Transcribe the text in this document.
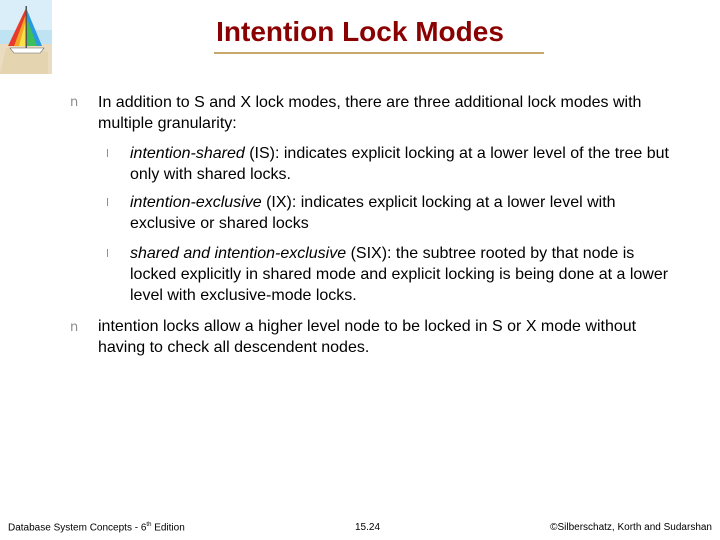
Intention Lock Modes
n In addition to S and X lock modes, there are three additional lock modes with multiple granularity:
l intention-shared (IS): indicates explicit locking at a lower level of the tree but only with shared locks.
l intention-exclusive (IX): indicates explicit locking at a lower level with exclusive or shared locks
l shared and intention-exclusive (SIX): the subtree rooted by that node is locked explicitly in shared mode and explicit locking is being done at a lower level with exclusive-mode locks.
n intention locks allow a higher level node to be locked in S or X mode without having to check all descendent nodes.
Database System Concepts - 6th Edition	15.24	©Silberschatz, Korth and Sudarshan
